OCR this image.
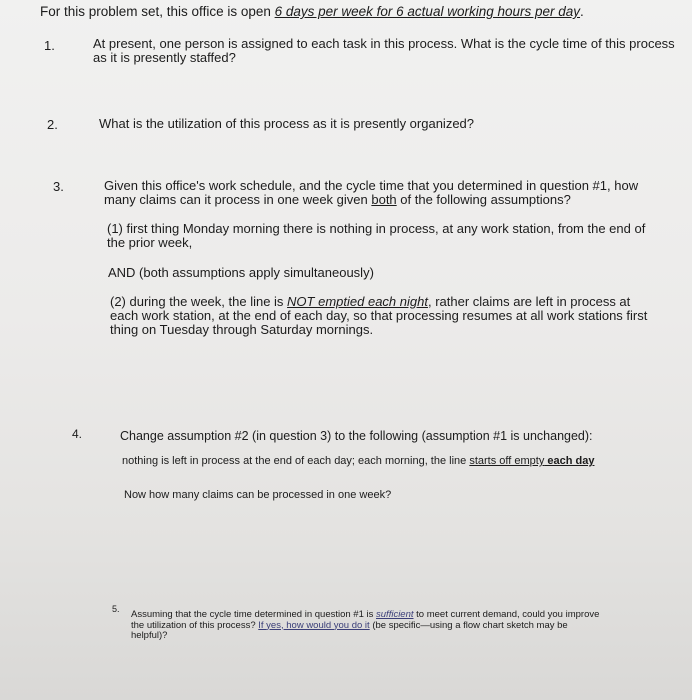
For this problem set, this office is open 6 days per week for 6 actual working hours per day.
1.	At present, one person is assigned to each task in this process. What is the cycle time of this process as it is presently staffed?
2.	What is the utilization of this process as it is presently organized?
3.	Given this office's work schedule, and the cycle time that you determined in question #1, how many claims can it process in one week given both of the following assumptions?
(1) first thing Monday morning there is nothing in process, at any work station, from the end of the prior week,
AND (both assumptions apply simultaneously)
(2) during the week, the line is NOT emptied each night, rather claims are left in process at each work station, at the end of each day, so that processing resumes at all work stations first thing on Tuesday through Saturday mornings.
4.	Change assumption #2 (in question 3) to the following (assumption #1 is unchanged):
nothing is left in process at the end of each day; each morning, the line starts off empty each day
Now how many claims can be processed in one week?
5. Assuming that the cycle time determined in question #1 is sufficient to meet current demand, could you improve the utilization of this process? If yes, how would you do it (be specific—using a flow chart sketch may be helpful)?
